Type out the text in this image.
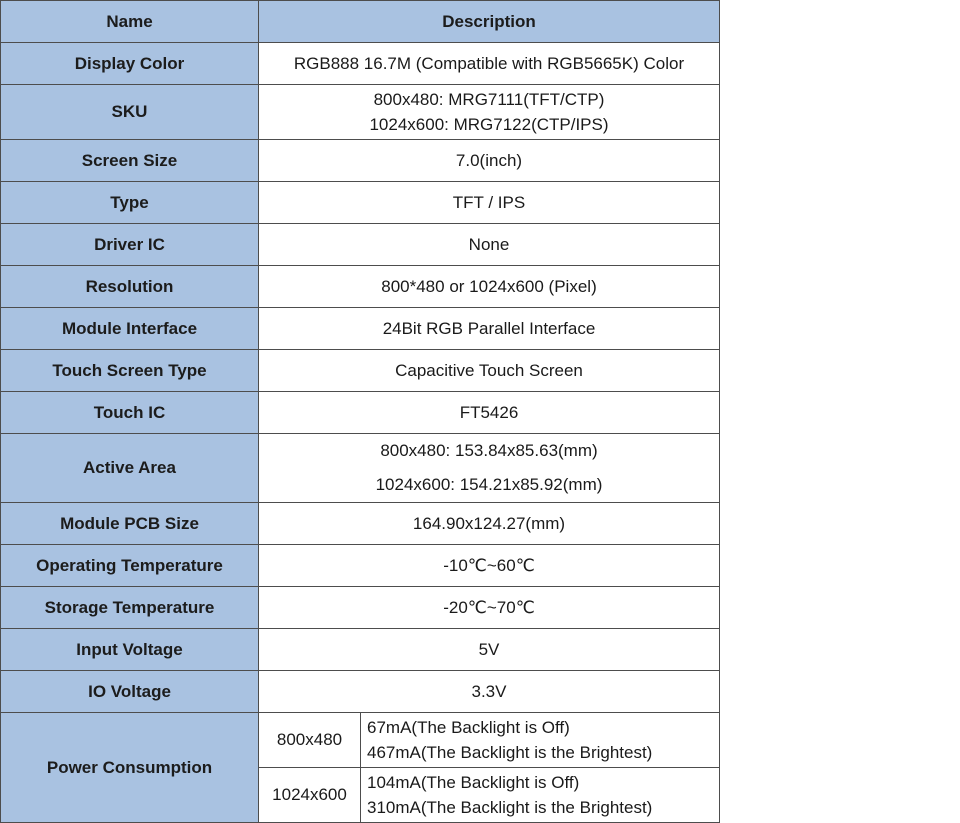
Name	Description	
Display Color	RGB888 16.7M (Compatible with RGB5665K) Color	

SKU	800x480: MRG7111(TFT/CTP)
1024x600: MRG7122(CTP/IPS)	

Screen Size	7.0(inch)	

Type	TFT / IPS	

Driver IC	None	

Resolution	800*480 or 1024x600 (Pixel)	

Module Interface	24Bit RGB Parallel Interface	

Touch Screen Type	Capacitive Touch Screen	

Touch IC	FT5426	

Active Area	800x480: 153.84x85.63(mm)
1024x600: 154.21x85.92(mm)	

Module PCB Size	164.90x124.27(mm)	

Operating Temperature	-10℃~60℃	

Storage Temperature	-20℃~70℃	

Input Voltage	5V	

IO Voltage	3.3V	

Power Consumption	800x480	67mA(The Backlight is Off)
467mA(The Backlight is the Brightest)

	1024x600	104mA(The Backlight is Off)
310mA(The Backlight is the Brightest)
